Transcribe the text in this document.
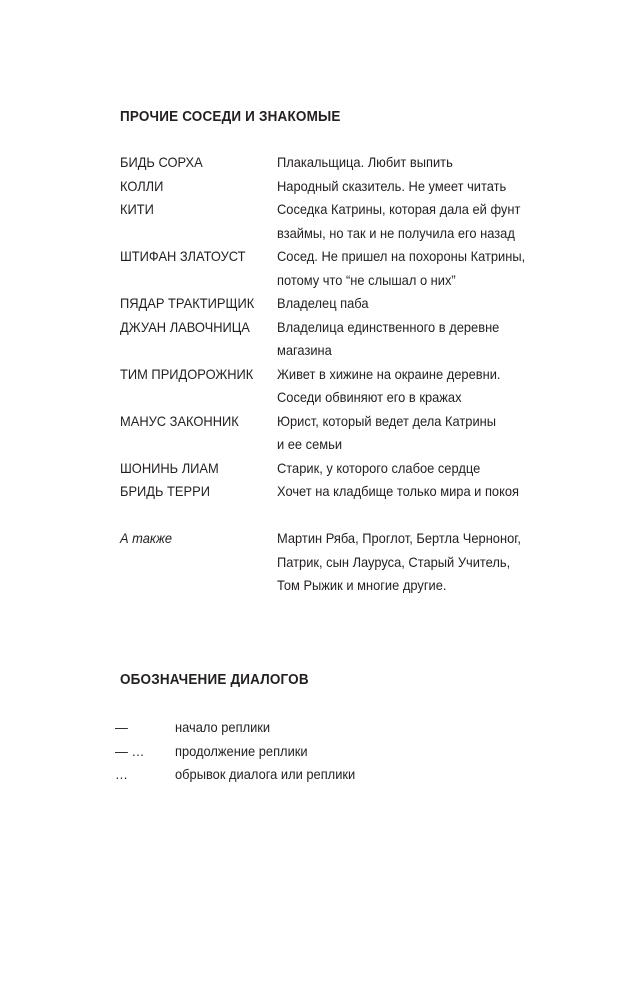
ПРОЧИЕ СОСЕДИ И ЗНАКОМЫЕ
БИДЬ СОРХА	Плакальщица. Любит выпить
КОЛЛИ	Народный сказитель. Не умеет читать
КИТИ	Соседка Катрины, которая дала ей фунт
взаймы, но так и не получила его назад
ШТИФАН ЗЛАТОУСТ	Сосед. Не пришел на похороны Катрины,
потому что “не слышал о них”
ПЯДАР ТРАКТИРЩИК	Владелец паба
ДЖУАН ЛАВОЧНИЦА	Владелица единственного в деревне
магазина
ТИМ ПРИДОРОЖНИК	Живет в хижине на окраине деревни.
Соседи обвиняют его в кражах
МАНУС ЗАКОННИК	Юрист, который ведет дела Катрины
и ее семьи
ШОНИНЬ ЛИАМ	Старик, у которого слабое сердце
БРИДЬ ТЕРРИ	Хочет на кладбище только мира и покоя
А также	Мартин Ряба, Проглот, Бертла Черноног,
Патрик, сын Лауруса, Старый Учитель,
Том Рыжик и многие другие.
ОБОЗНАЧЕНИЕ ДИАЛОГОВ
—	начало реплики
— …	продолжение реплики
…	обрывок диалога или реплики
